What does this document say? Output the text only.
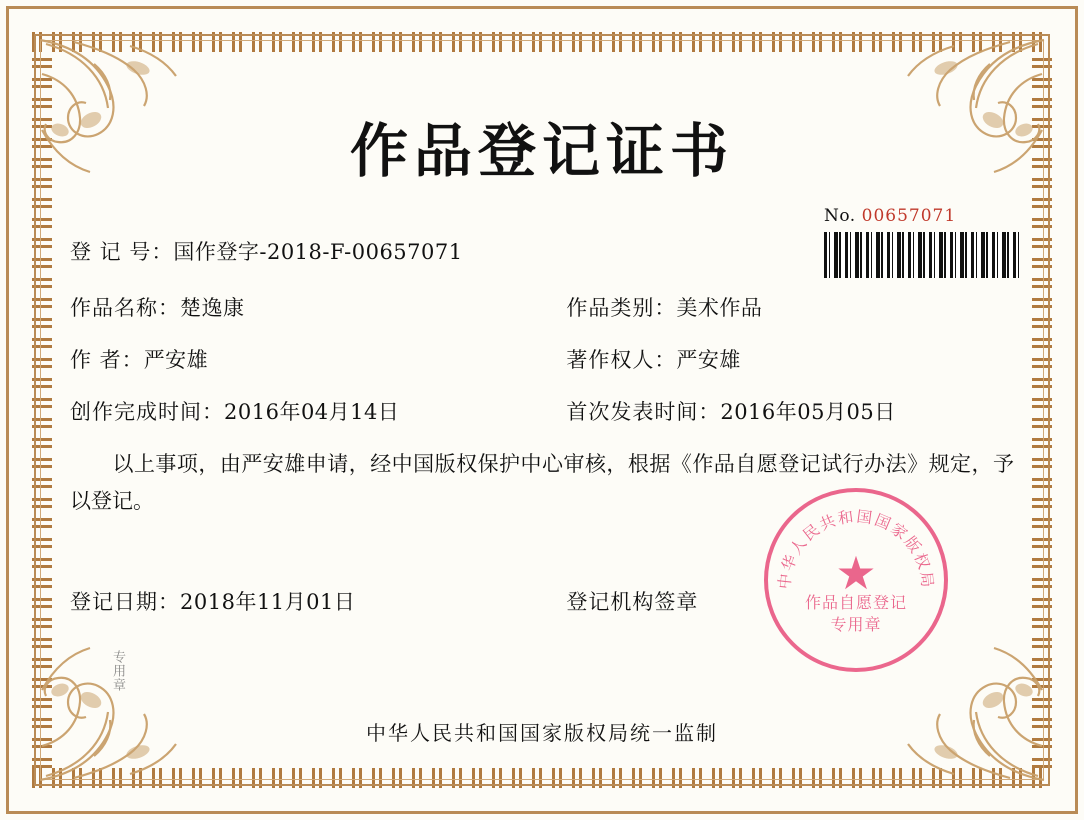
作品登记证书
No. 00657071
登 记 号：国作登字-2018-F-00657071
作品名称：楚逸康	作品类别：美术作品
作 者：严安雄	著作权人：严安雄
创作完成时间：2016年04月14日	首次发表时间：2016年05月05日
以上事项，由严安雄申请，经中国版权保护中心审核，根据《作品自愿登记试行办法》规定，予以登记。
登记日期：2018年11月01日	登记机构签章
专用章
中华人民共和国国家版权局统一监制
中华人民共和国国家版权局
★
作品自愿登记
专用章
